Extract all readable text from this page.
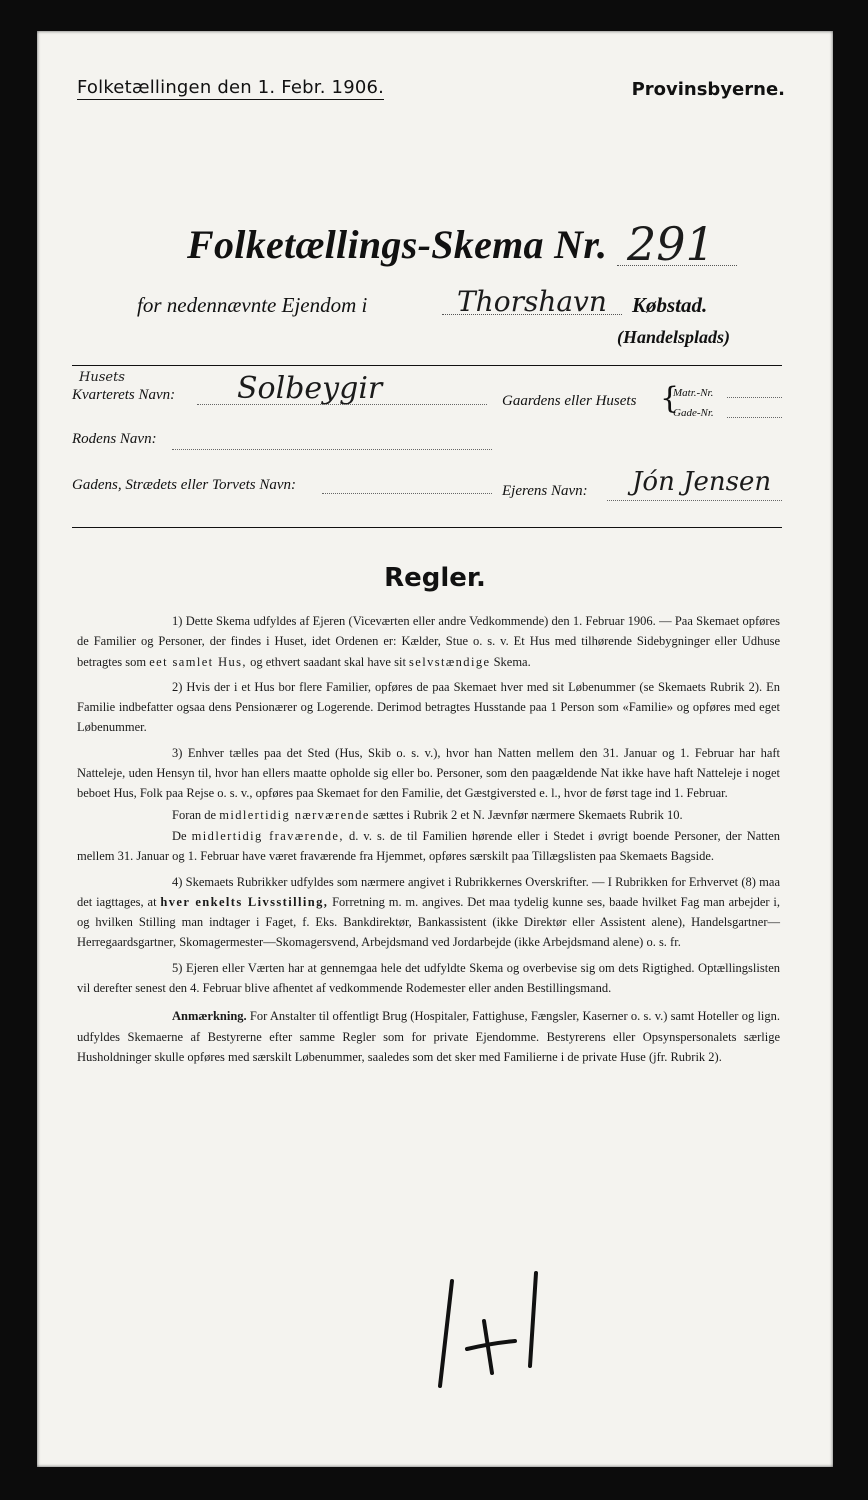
Folketællingen den 1. Febr. 1906.	Provinsbyerne.
Folketællings-Skema Nr. 291
for nedennævnte Ejendom i	Thorshavn Købstad.
(Handelsplads)
Husets
Kvarterets Navn: Solbeygir	Gaardens eller Husets {
Matr.-Nr.
Gade-Nr.
Rodens Navn:
Gadens, Strædets eller Torvets Navn:	Ejerens Navn: Jón Jensen
Regler.

1) Dette Skema udfyldes af Ejeren (Viceværten eller andre Vedkommende) den 1. Februar 1906. — Paa Skemaet opføres de Familier og Personer, der findes i Huset, idet Ordenen er: Kælder, Stue o. s. v. Et Hus med tilhørende Sidebygninger eller Udhuse betragtes som eet samlet Hus, og ethvert saadant skal have sit selvstændige Skema.

2) Hvis der i et Hus bor flere Familier, opføres de paa Skemaet hver med sit Løbenummer (se Skemaets Rubrik 2). En Familie indbefatter ogsaa dens Pensionærer og Logerende. Derimod betragtes Husstande paa 1 Person som «Familie» og opføres med eget Løbenummer.

3) Enhver tælles paa det Sted (Hus, Skib o. s. v.), hvor han Natten mellem den 31. Januar og 1. Februar har haft Natteleje, uden Hensyn til, hvor han ellers maatte opholde sig eller bo. Personer, som den paagældende Nat ikke have haft Natteleje i noget beboet Hus, Folk paa Rejse o. s. v., opføres paa Skemaet for den Familie, det Gæstgiversted e. l., hvor de først tage ind 1. Februar.

Foran de midlertidig nærværende sættes i Rubrik 2 et N. Jævnfør nærmere Skemaets Rubrik 10.

De midlertidig fraværende, d. v. s. de til Familien hørende eller i Stedet i øvrigt boende Personer, der Natten mellem 31. Januar og 1. Februar have været fraværende fra Hjemmet, opføres særskilt paa Tillægslisten paa Skemaets Bagside.

4) Skemaets Rubrikker udfyldes som nærmere angivet i Rubrikkernes Overskrifter. — I Rubrikken for Erhvervet (8) maa det iagttages, at hver enkelts Livsstilling, Forretning m. m. angives. Det maa tydelig kunne ses, baade hvilket Fag man arbejder i, og hvilken Stilling man indtager i Faget, f. Eks. Bankdirektør, Bankassistent (ikke Direktør eller Assistent alene), Handelsgartner—Herregaardsgartner, Skomagermester—Skomagersvend, Arbejdsmand ved Jordarbejde (ikke Arbejdsmand alene) o. s. fr.

5) Ejeren eller Værten har at gennemgaa hele det udfyldte Skema og overbevise sig om dets Rigtighed. Optællingslisten vil derefter senest den 4. Februar blive afhentet af vedkommende Rodemester eller anden Bestillingsmand.

Anmærkning. For Anstalter til offentligt Brug (Hospitaler, Fattighuse, Fængsler, Kaserner o. s. v.) samt Hoteller og lign. udfyldes Skemaerne af Bestyrerne efter samme Regler som for private Ejendomme. Bestyrerens eller Opsynspersonalets særlige Husholdninger skulle opføres med særskilt Løbenummer, saaledes som det sker med Familierne i de private Huse (jfr. Rubrik 2).
